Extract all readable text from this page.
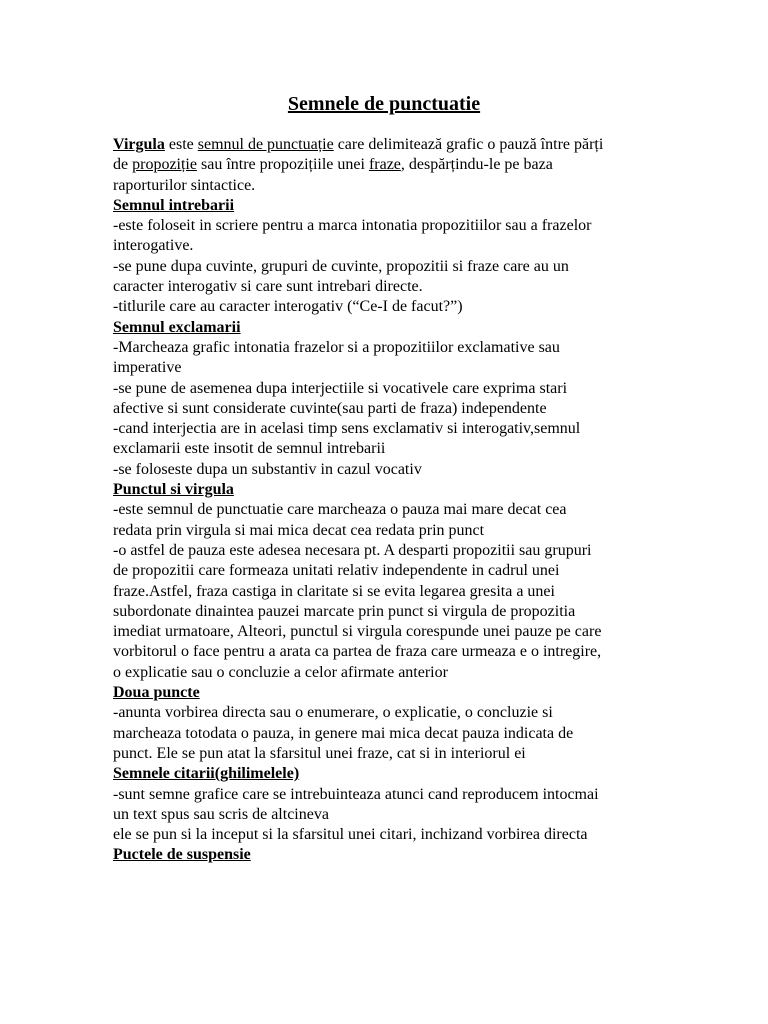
Semnele de punctuatie
Virgula este semnul de punctuație care delimitează grafic o pauză între părți
de propoziție sau între propozițiile unei fraze, despărțindu-le pe baza
raporturilor sintactice.
Semnul intrebarii
-este foloseit in scriere pentru a marca intonatia propozitiilor sau a frazelor
interogative.
-se pune dupa cuvinte, grupuri de cuvinte, propozitii si fraze care au un
caracter interogativ si care sunt intrebari directe.
-titlurile care au caracter interogativ (“Ce-I de facut?”)
Semnul exclamarii
-Marcheaza grafic intonatia frazelor si a propozitiilor exclamative sau
imperative
-se pune de asemenea dupa interjectiile si vocativele care exprima stari
afective si sunt considerate cuvinte(sau parti de fraza) independente
-cand interjectia are in acelasi timp sens exclamativ si interogativ,semnul
exclamarii este insotit de semnul intrebarii
-se foloseste dupa un substantiv in cazul vocativ
Punctul si virgula
-este semnul de punctuatie care marcheaza o pauza mai mare decat cea
redata prin virgula si mai mica decat cea redata prin punct
-o astfel de pauza este adesea necesara pt. A desparti propozitii sau grupuri
de propozitii care formeaza unitati relativ independente in cadrul unei
fraze.Astfel, fraza castiga in claritate si se evita legarea gresita a unei
subordonate dinaintea pauzei marcate prin punct si virgula de propozitia
imediat urmatoare, Alteori, punctul si virgula corespunde unei pauze pe care
vorbitorul o face pentru a arata ca partea de fraza care urmeaza e o intregire,
o explicatie sau o concluzie a celor afirmate anterior
Doua puncte
-anunta vorbirea directa sau o enumerare, o explicatie, o concluzie si
marcheaza totodata o pauza, in genere mai mica decat pauza indicata de
punct. Ele se pun atat la sfarsitul unei fraze, cat si in interiorul ei
Semnele citarii(ghilimelele)
-sunt semne grafice care se intrebuinteaza atunci cand reproducem intocmai
un text spus sau scris de altcineva
ele se pun si la inceput si la sfarsitul unei citari, inchizand vorbirea directa
Puctele de suspensie
